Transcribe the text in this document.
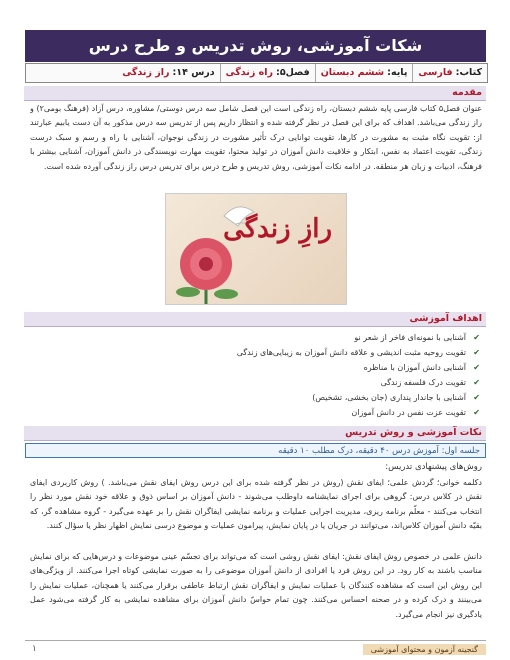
شکات آموزشی، روش تدریس و طرح درس
کتاب: فارسی
پایه: ششم دبستان
فصل۵: راه زندگی
درس ۱۴: راز زندگی
مقدمه
عنوان فصل۵ کتاب فارسی پایه ششم دبستان، راه زندگی است این فصل شامل سه درس دوستی/ مشاوره، درس آزاد (فرهنگ بومی۲) و راز زندگی می‌باشد. اهداف که برای این فصل در نظر گرفته شده و انتظار داریم پس از تدریس سه درس مذکور به آن دست یابیم عبارتند از: تقویت نگاه مثبت به مشورت در کارها، تقویت توانایی درک تأثیر مشورت در زندگی نوجوان، آشنایی با راه و رسم و سبک درست زندگی، تقویت اعتماد به نفس، ابتکار و خلاقیت دانش آموزان در تولید محتوا، تقویت مهارت نویسندگی در دانش آموزان، آشنایی بیشتر با فرهنگ، ادبیات و زبان هر منطقه. در ادامه نکات آموزشی، روش تدریس و طرح درس برای تدریس درس راز زندگی آورده شده است.
رازِ زندگی
اهداف آموزشی
✔
آشنایی با نمونه‌ای فاخر از شعر نو
✔
تقویت روحیه مثبت اندیشی و علاقه دانش آموزان به زیبایی‌های زندگی
✔
آشنایی دانش آموزان با مناظره
✔
تقویت درک فلسفه زندگی
✔
آشنایی با جاندار پنداری (جان بخشی، تشخیص)
✔
تقویت عزت نفس در دانش آموزان
نکات آموزشی و روش تدریس
جلسه اول: آموزش درس ۴۰ دقیقه، درک مطلب ۱۰ دقیقه
روش‌های پیشنهادی تدریس:
دکلمه خوانی؛ گردش علمی؛ ایفای نقش (روش در نظر گرفته شده برای این درس روش ایفای نقش می‌باشد. ) روش کاربردی ایفای نقش در کلاس درس: گروهی برای اجرای نمایشنامه داوطلب می‌شوند - دانش آموزان بر اساس ذوق و علاقه خود نقش مورد نظر را انتخاب می‌کنند - معلّم برنامه ریزی، مدیریت اجرایی عملیات و برنامه نمایشی ایفاگران نقش را بر عهده می‌گیرد - گروه مشاهده گر، که بقیّه دانش آموزان کلاس‌اند، می‌توانند در جریان یا در پایان نمایش، پیرامون عملیات و موضوع درسی نمایش اظهار نظر یا سؤال کنند.
دانش علمی در خصوص روش ایفای نقش: ایفای نقش روشی است که می‌تواند برای تجسّم عینی موضوعات و درس‌هایی که برای نمایش مناسب باشند به کار رود. در این روش فرد یا افرادی از دانش آموزان موضوعی را به صورت نمایشی کوتاه اجرا می‌کنند. از ویژگی‌های این روش این است که مشاهده کنندگان با عملیات نمایش و ایفاگران نقش ارتباط عاطفی برقرار می‌کنند یا همچنان، عملیات نمایش را می‌بینند و درک کرده و در صحنه احساس می‌کنند. چون تمام حواسّ دانش آموزان برای مشاهده نمایشی به کار گرفته می‌شود عمل یادگیری نیز انجام می‌گیرد.
گنجینه آزمون و محتوای آموزشی
۱
